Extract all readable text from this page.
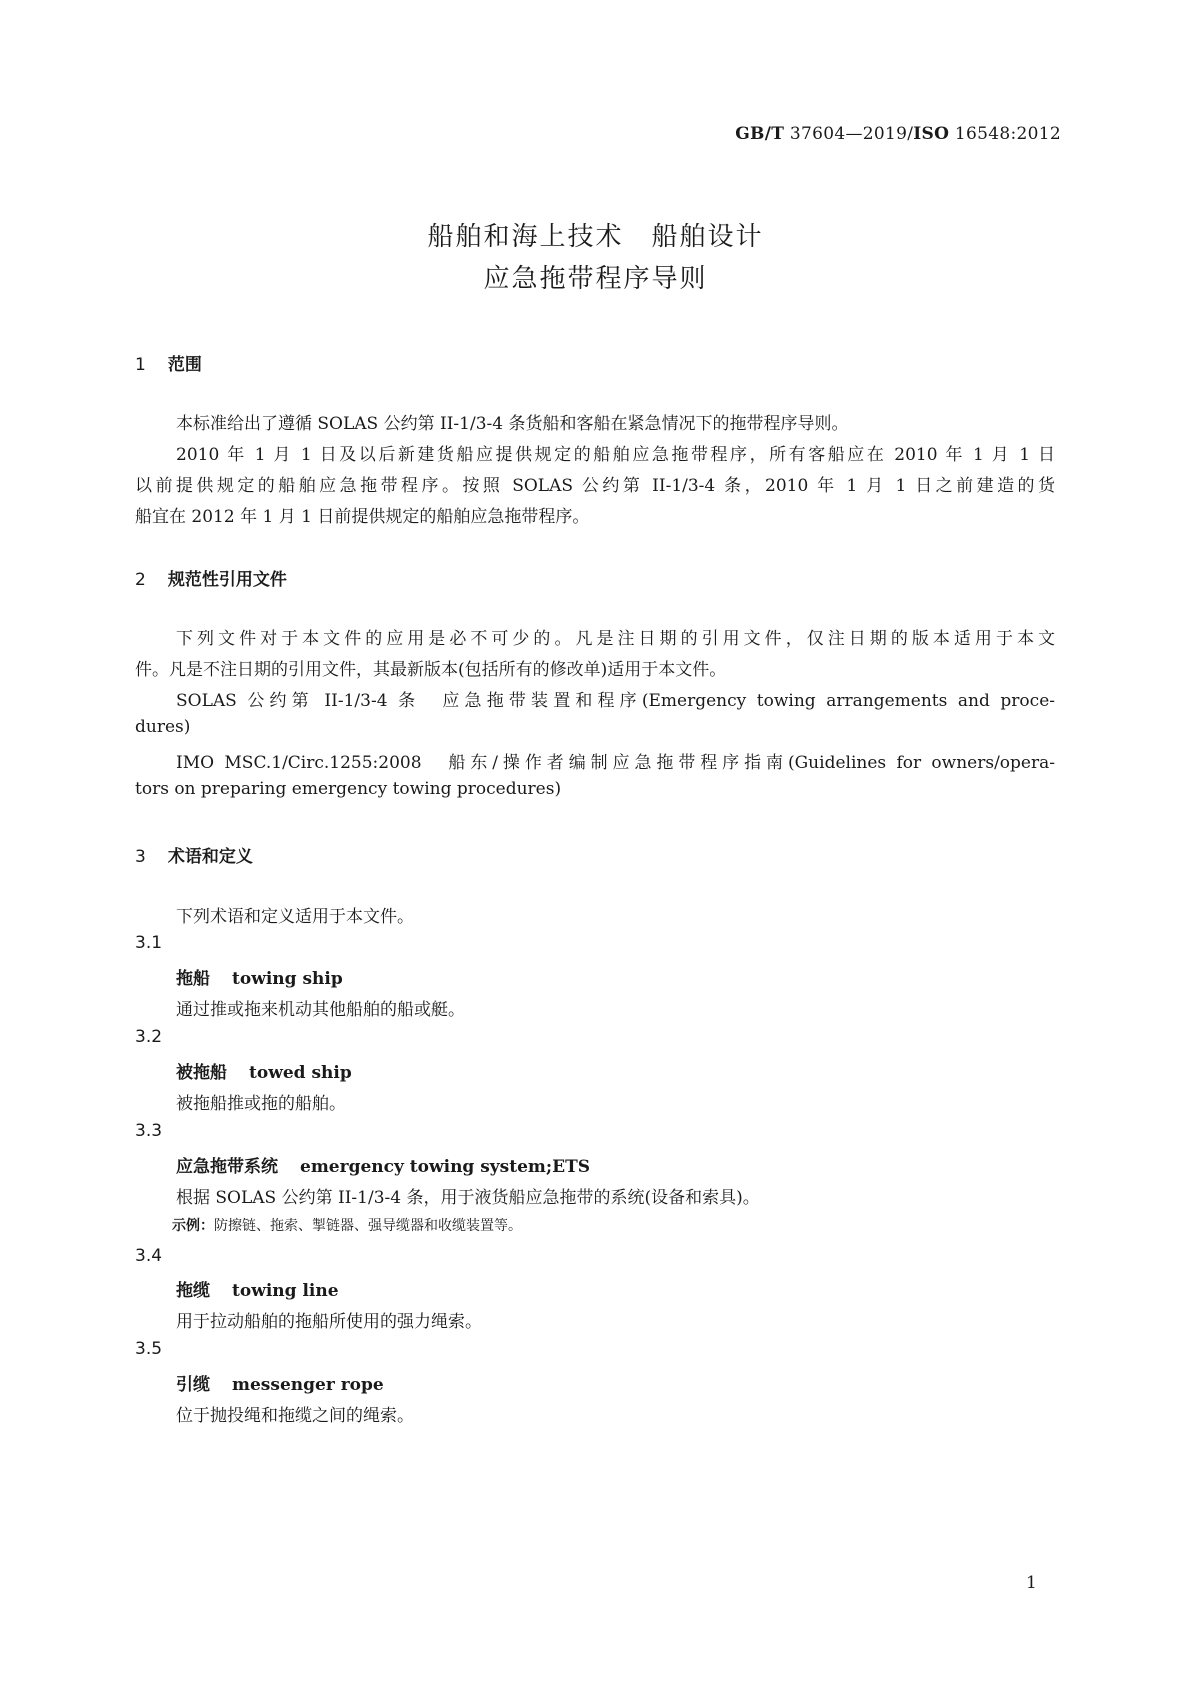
GB/T 37604—2019/ISO 16548:2012
船舶和海上技术　船舶设计
应急拖带程序导则
1 范围
本标准给出了遵循 SOLAS 公约第 II-1/3-4 条货船和客船在紧急情况下的拖带程序导则。
2010 年 1 月 1 日及以后新建货船应提供规定的船舶应急拖带程序，所有客船应在 2010 年 1 月 1 日
以前提供规定的船舶应急拖带程序。按照 SOLAS 公约第 II-1/3-4 条，2010 年 1 月 1 日之前建造的货
船宜在 2012 年 1 月 1 日前提供规定的船舶应急拖带程序。
2 规范性引用文件
下列文件对于本文件的应用是必不可少的。凡是注日期的引用文件，仅注日期的版本适用于本文
件。凡是不注日期的引用文件，其最新版本(包括所有的修改单)适用于本文件。
SOLAS 公约第 II-1/3-4 条　应急拖带装置和程序(Emergency towing arrangements and proce-
dures)
IMO MSC.1/Circ.1255:2008　船东/操作者编制应急拖带程序指南(Guidelines for owners/opera-
tors on preparing emergency towing procedures)
3 术语和定义
下列术语和定义适用于本文件。
3.1
拖船 towing ship
通过推或拖来机动其他船舶的船或艇。
3.2
被拖船 towed ship
被拖船推或拖的船舶。
3.3
应急拖带系统 emergency towing system;ETS
根据 SOLAS 公约第 II-1/3-4 条，用于液货船应急拖带的系统(设备和索具)。
示例：防擦链、拖索、掣链器、强导缆器和收缆装置等。
3.4
拖缆 towing line
用于拉动船舶的拖船所使用的强力绳索。
3.5
引缆 messenger rope
位于抛投绳和拖缆之间的绳索。
1
